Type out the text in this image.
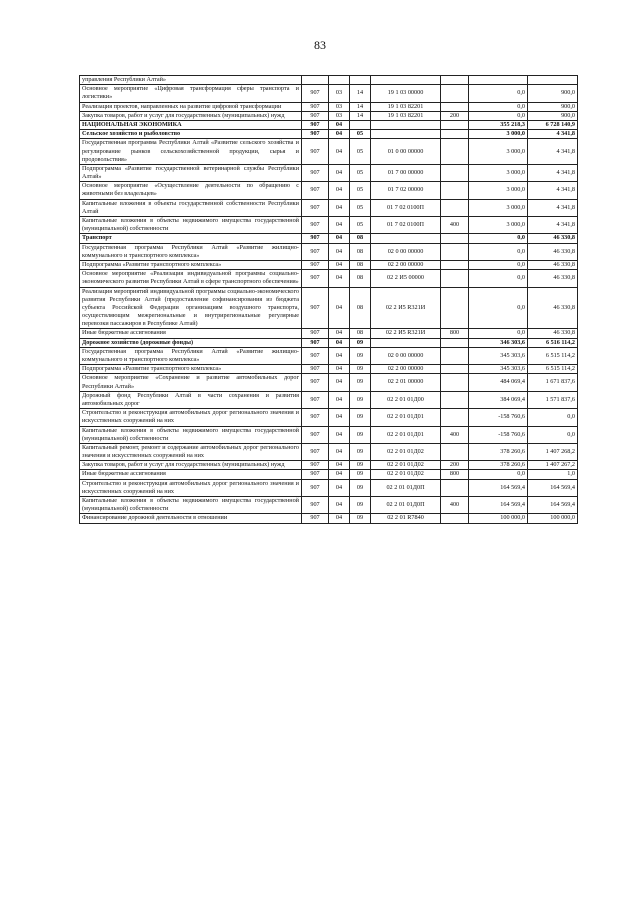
83
управления Республики Алтай»							
Основное мероприятие «Цифровая трансформация сферы транспорта и логистики»	907	03	14	19 1 03 00000		0,0	900,0
Реализация проектов, направленных на развитие цифровой трансформации	907	03	14	19 1 03 82201		0,0	900,0
Закупка товаров, работ и услуг для государственных (муниципальных) нужд	907	03	14	19 1 03 82201	200	0,0	900,0
НАЦИОНАЛЬНАЯ ЭКОНОМИКА	907	04				355 218,3	6 728 140,9
Сельское хозяйство и рыболовство	907	04	05			3 000,0	4 341,8
Государственная программа Республики Алтай «Развитие сельского хозяйства и регулирование рынков сельскохозяйственной продукции, сырья и продовольствия»	907	04	05	01 0 00 00000		3 000,0	4 341,8
Подпрограмма «Развитие государственной ветеринарной службы Республики Алтай»	907	04	05	01 7 00 00000		3 000,0	4 341,8
Основное мероприятие «Осуществление деятельности по обращению с животными без владельцев»	907	04	05	01 7 02 00000		3 000,0	4 341,8
Капитальные вложения в объекты государственной собственности Республики Алтай	907	04	05	01 7 02 0100П		3 000,0	4 341,8
Капитальные вложения в объекты недвижимого имущества государственной (муниципальной) собственности	907	04	05	01 7 02 0100П	400	3 000,0	4 341,8
Транспорт	907	04	08			0,0	46 330,8
Государственная программа Республики Алтай «Развитие жилищно-коммунального и транспортного комплекса»	907	04	08	02 0 00 00000		0,0	46 330,8
Подпрограмма «Развитие транспортного комплекса»	907	04	08	02 2 00 00000		0,0	46 330,8
Основное мероприятие «Реализация индивидуальной программы социально-экономического развития Республики Алтай в сфере транспортного обеспечения»	907	04	08	02 2 И5 00000		0,0	46 330,8
Реализация мероприятий индивидуальной программы социально-экономического развития Республики Алтай (предоставление софинансирования из бюджета субъекта Российской Федерации организациям воздушного транспорта, осуществляющим межрегиональные и внутрирегиональные регулярные перевозки пассажиров в Республике Алтай)	907	04	08	02 2 И5 R321И		0,0	46 330,8
Иные бюджетные ассигнования	907	04	08	02 2 И5 R321И	800	0,0	46 330,8
Дорожное хозяйство (дорожные фонды)	907	04	09			346 303,6	6 516 114,2
Государственная программа Республики Алтай «Развитие жилищно-коммунального и транспортного комплекса»	907	04	09	02 0 00 00000		345 303,6	6 515 114,2
Подпрограмма «Развитие транспортного комплекса»	907	04	09	02 2 00 00000		345 303,6	6 515 114,2
Основное мероприятие «Сохранение и развитие автомобильных дорог Республики Алтай»	907	04	09	02 2 01 00000		484 069,4	1 671 837,6
Дорожный фонд Республики Алтай в части сохранения и развития автомобильных дорог	907	04	09	02 2 01 01Д00		384 069,4	1 571 837,6
Строительство и реконструкция автомобильных дорог регионального значения и искусственных сооружений на них	907	04	09	02 2 01 01Д01		-158 760,6	0,0
Капитальные вложения в объекты недвижимого имущества государственной (муниципальной) собственности	907	04	09	02 2 01 01Д01	400	-158 760,6	0,0
Капитальный ремонт, ремонт и содержание автомобильных дорог регионального значения и искусственных сооружений на них	907	04	09	02 2 01 01Д02		378 260,6	1 407 268,2
Закупка товаров, работ и услуг для государственных (муниципальных) нужд	907	04	09	02 2 01 01Д02	200	378 260,6	1 407 267,2
Иные бюджетные ассигнования	907	04	09	02 2 01 01Д02	800	0,0	1,0
Строительство и реконструкция автомобильных дорог регионального значения и искусственных сооружений на них	907	04	09	02 2 01 01Д0П		164 569,4	164 569,4
Капитальные вложения в объекты недвижимого имущества государственной (муниципальной) собственности	907	04	09	02 2 01 01Д0П	400	164 569,4	164 569,4
Финансирование дорожной деятельности в отношении	907	04	09	02 2 01 R7840		100 000,0	100 000,0
